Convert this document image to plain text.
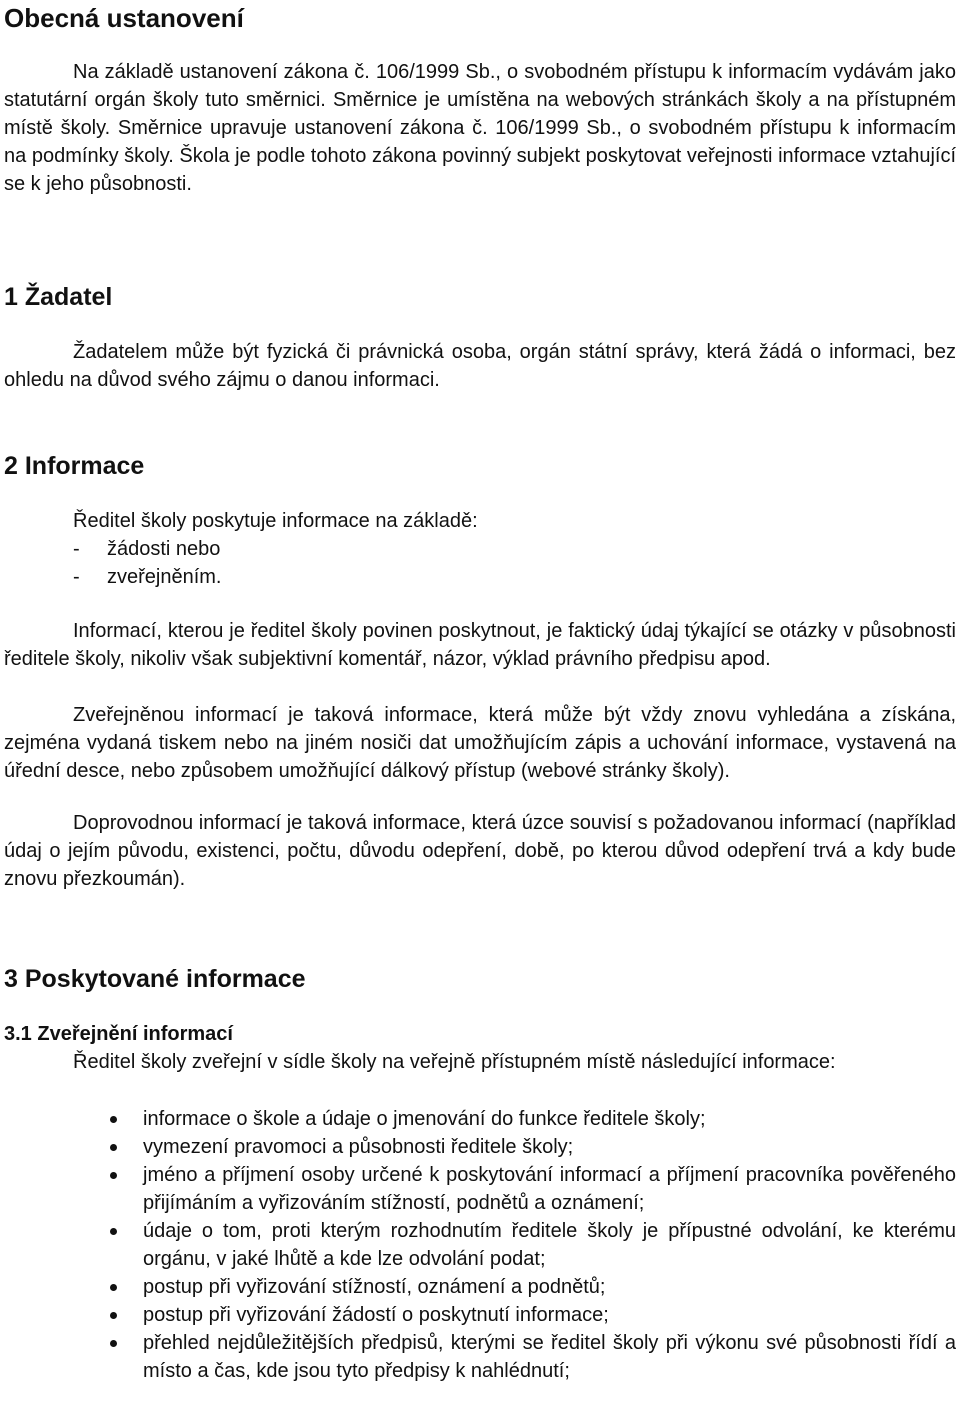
Obecná ustanovení

Na základě ustanovení zákona č. 106/1999 Sb., o svobodném přístupu k informacím vydávám jako statutární orgán školy tuto směrnici. Směrnice je umístěna na webových stránkách školy a na přístupném místě školy. Směrnice upravuje ustanovení zákona č. 106/1999 Sb., o svobodném přístupu k informacím na podmínky školy. Škola je podle tohoto zákona povinný subjekt poskytovat veřejnosti informace vztahující se k jeho působnosti.

1 Žadatel

Žadatelem může být fyzická či právnická osoba, orgán státní správy, která žádá o informaci, bez ohledu na důvod svého zájmu o danou informaci.

2 Informace

Ředitel školy poskytuje informace na základě:

- žádosti nebo
- zveřejněním.

Informací, kterou je ředitel školy povinen poskytnout, je faktický údaj týkající se otázky v působnosti ředitele školy, nikoliv však subjektivní komentář, názor, výklad právního předpisu apod.

Zveřejněnou informací je taková informace, která může být vždy znovu vyhledána a získána, zejména vydaná tiskem nebo na jiném nosiči dat umožňujícím zápis a uchování informace, vystavená na úřední desce, nebo způsobem umožňující dálkový přístup (webové stránky školy).

Doprovodnou informací je taková informace, která úzce souvisí s požadovanou informací (například údaj o jejím původu, existenci, počtu, důvodu odepření, době, po kterou důvod odepření trvá a kdy bude znovu přezkoumán).

3 Poskytované informace
3.1 Zveřejnění informací

Ředitel školy zveřejní v sídle školy na veřejně přístupném místě následující informace:

informace o škole a údaje o jmenování do funkce ředitele školy;
vymezení pravomoci a působnosti ředitele školy;
jméno a příjmení osoby určené k poskytování informací a příjmení pracovníka pověřeného přijímáním a vyřizováním stížností, podnětů a oznámení;
údaje o tom, proti kterým rozhodnutím ředitele školy je přípustné odvolání, ke kterému orgánu, v jaké lhůtě a kde lze odvolání podat;
postup při vyřizování stížností, oznámení a podnětů;
postup při vyřizování žádostí o poskytnutí informace;
přehled nejdůležitějších předpisů, kterými se ředitel školy při výkonu své působnosti řídí a místo a čas, kde jsou tyto předpisy k nahlédnutí;
